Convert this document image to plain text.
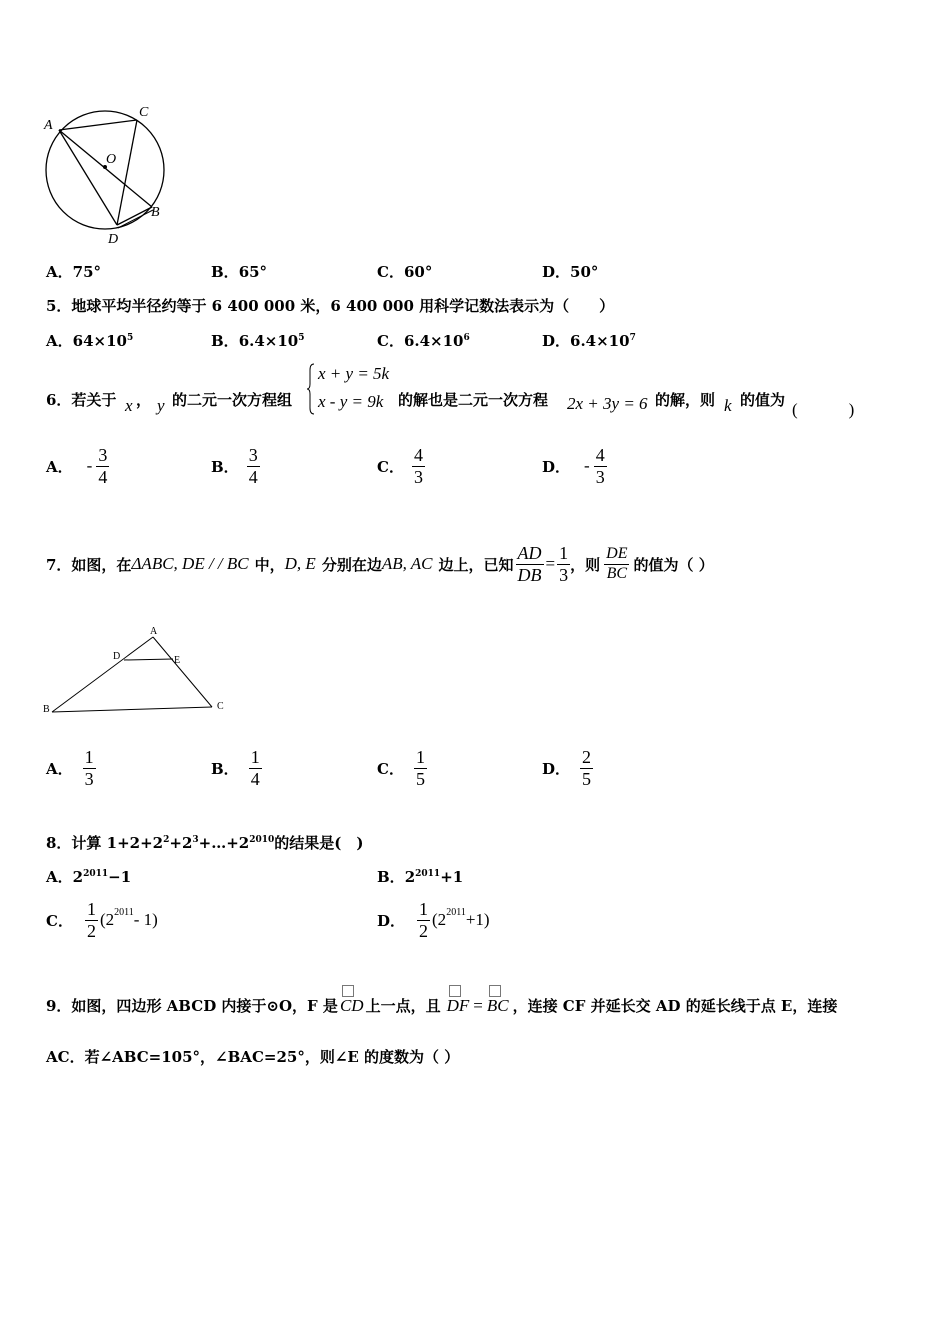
A
C
O
B
D
A．75°	B．65°	C．60°	D．50°
5．地球平均半径约等于 6 400 000 米，6 400 000 用科学记数法表示为（　　）
A．$64\times 10^5$	B．$6.4\times 10^5$	C．$6.4\times 10^6$	D．$6.4\times 10^7$
6．若关于 x ， y 的二元一次方程组
x + y = 5k
x - y = 9k 的解也是二元一次方程 2x + 3y = 6 的解，则 k 的值为 (　　　)
A． - $\frac{3}{4}$	B． $\frac{3}{4}$	C． $\frac{4}{3}$	D． - $\frac{4}{3}$
7．如图，在 ΔABC, DE / / BC 中， D, E 分别在边 AB, AC 边上，已知 $\frac{AD}{DB} = \frac{1}{3}$ ，则 $\frac{DE}{BC}$ 的值为（ ）
A
D	E
B	C
A． $\frac{1}{3}$	B． $\frac{1}{4}$	C． $\frac{1}{5}$	D． $\frac{2}{5}$
8．计算 $1+2+2^2+2^3+\dots+2^{2010}$的结果是(　)
A．$2^{2011}-1$	B．$2^{2011}+1$
C． $\frac{1}{2} (2^{2011} - 1)$	D． $\frac{1}{2} (2^{2011} +1)$
9．如图，四边形 ABCD 内接于⊙O，F 是 CD 上一点，且 DF = BC ，连接 CF 并延长交 AD 的延长线于点 E，连接
AC．若∠ABC=105°，∠BAC=25°，则∠E 的度数为（ ）
